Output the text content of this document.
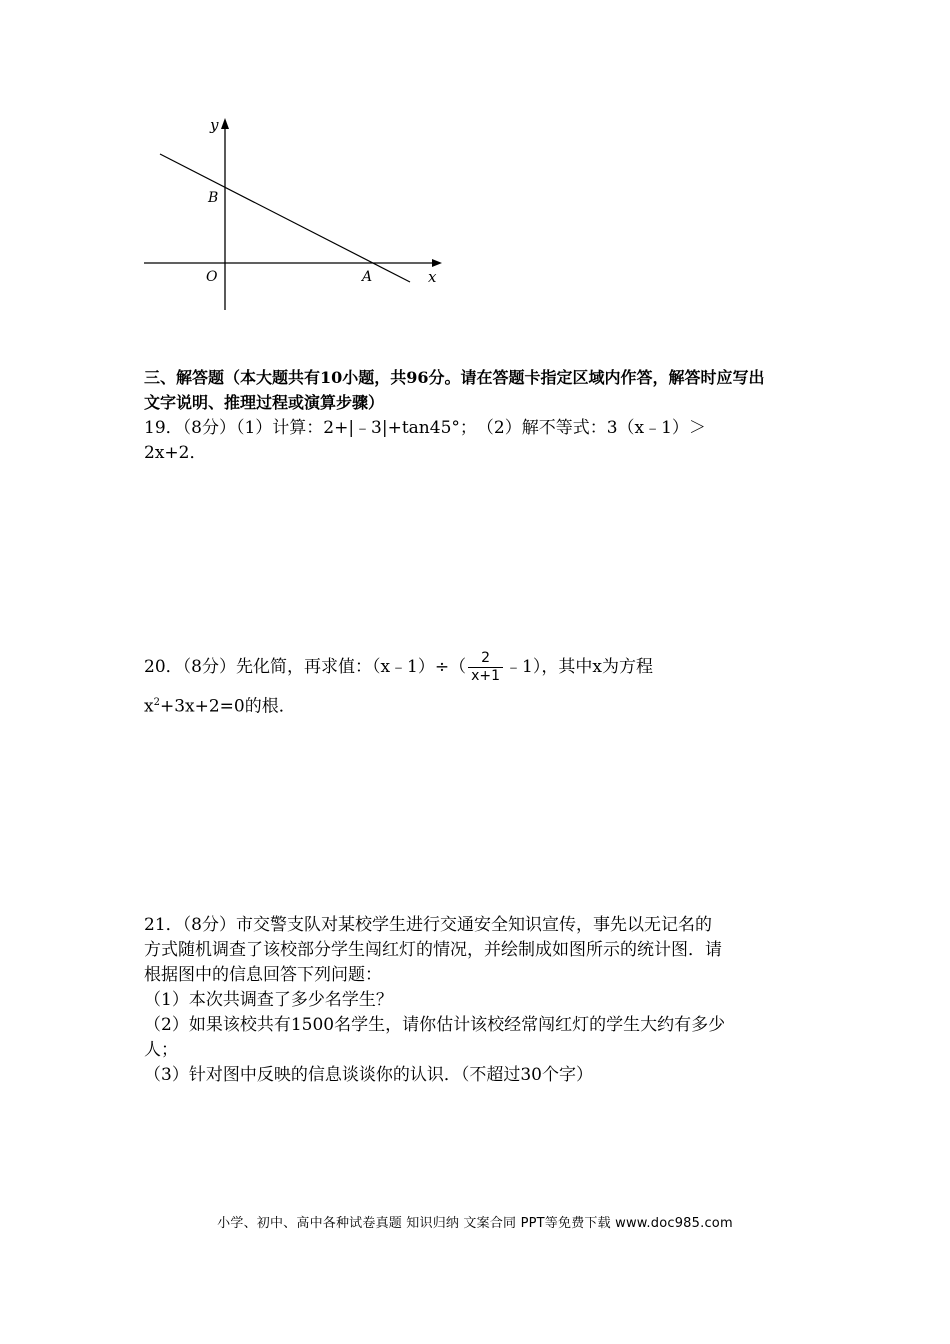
y
B
O	A	x
三、解答题（本大题共有10小题，共96分。请在答题卡指定区域内作答，解答时应写出
文字说明、推理过程或演算步骤）
19．（8分）（1）计算：2+|﹣3|+tan45°；　（2）解不等式：3（x﹣1）＞
2x+2．
20．（8分）先化简，再求值：（x﹣1）÷（ $\frac{2}{x+1}$ ﹣1），其中x为方程
$x^2+3x+2=0$的根．
21．（8分）市交警支队对某校学生进行交通安全知识宣传，事先以无记名的
方式随机调查了该校部分学生闯红灯的情况，并绘制成如图所示的统计图．请
根据图中的信息回答下列问题：
（1）本次共调查了多少名学生？
（2）如果该校共有1500名学生，请你估计该校经常闯红灯的学生大约有多少
人；
（3）针对图中反映的信息谈谈你的认识．（不超过30个字）
小学、初中、高中各种试卷真题 知识归纳 文案合同 PPT等免费下载 www.doc985.com
